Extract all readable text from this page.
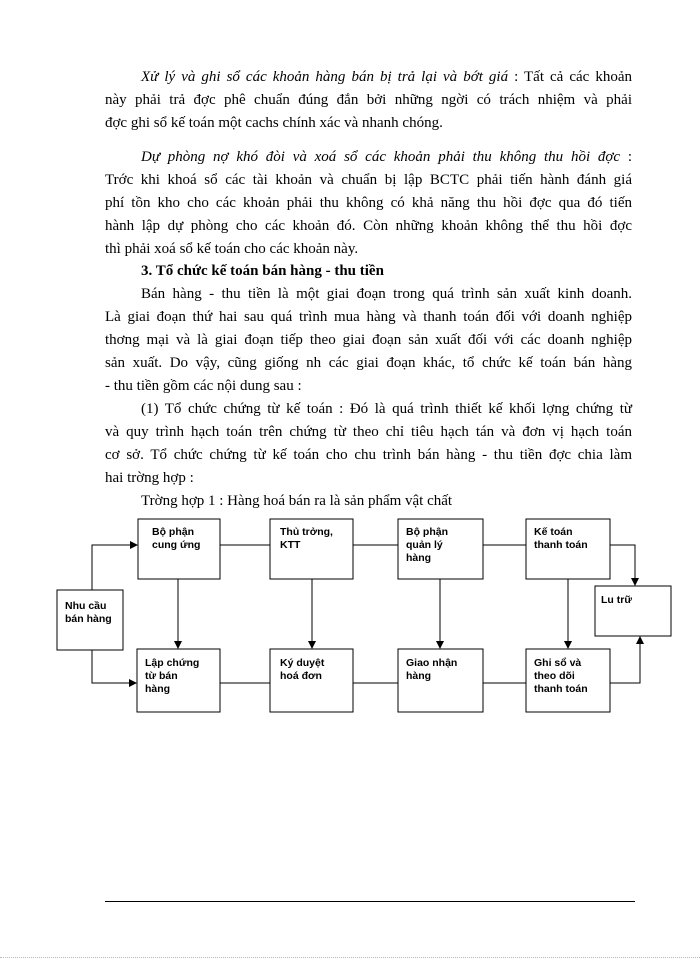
Xử lý và ghi sổ các khoản hàng bán bị trả lại và bớt giá : Tất cả các khoản
này phải trả đợc phê chuẩn đúng đắn bởi những ngời có trách nhiệm và phải
đợc ghi sổ kế toán một cachs chính xác và nhanh chóng.
Dự phòng nợ khó đòi và xoá sổ các khoản phải thu không thu hồi đợc :
Trớc khi khoá sổ các tài khoản và chuẩn bị lập BCTC phải tiến hành đánh giá
phí tồn kho cho các khoản phải thu không có khả năng thu hồi đợc qua đó tiến
hành lập dự phòng cho các khoản đó. Còn những khoản không thể thu hồi đợc
thì phải xoá sổ kế toán cho các khoản này.
3. Tổ chức kế toán bán hàng - thu tiền
Bán hàng - thu tiền là một giai đoạn trong quá trình sản xuất kinh doanh.
Là giai đoạn thứ hai sau quá trình mua hàng và thanh toán đối với doanh nghiệp
thơng mại và là giai đoạn tiếp theo giai đoạn sản xuất đối với các doanh nghiệp
sản xuất. Do vậy, cũng giống nh các giai đoạn khác, tổ chức kế toán bán hàng
- thu tiền gồm các nội dung sau :
(1) Tổ chức chứng từ kế toán : Đó là quá trình thiết kế khối lợng chứng từ
và quy trình hạch toán trên chứng từ theo chỉ tiêu hạch tán và đơn vị hạch toán
cơ sở. Tổ chức chứng từ kế toán cho chu trình bán hàng - thu tiền đợc chia làm
hai trờng hợp :
Trờng hợp 1 : Hàng hoá bán ra là sản phẩm vật chất
Nhu cầu
bán hàng
Bộ phận
cung ứng
Thủ trởng,
KTT
Bộ phận
quản lý
hàng
Kế toán
thanh toán
Lu trữ
Lập chứng
từ bán
hàng
Ký duyệt
hoá đơn
Giao nhận
hàng
Ghi sổ và
theo dõi
thanh toán
